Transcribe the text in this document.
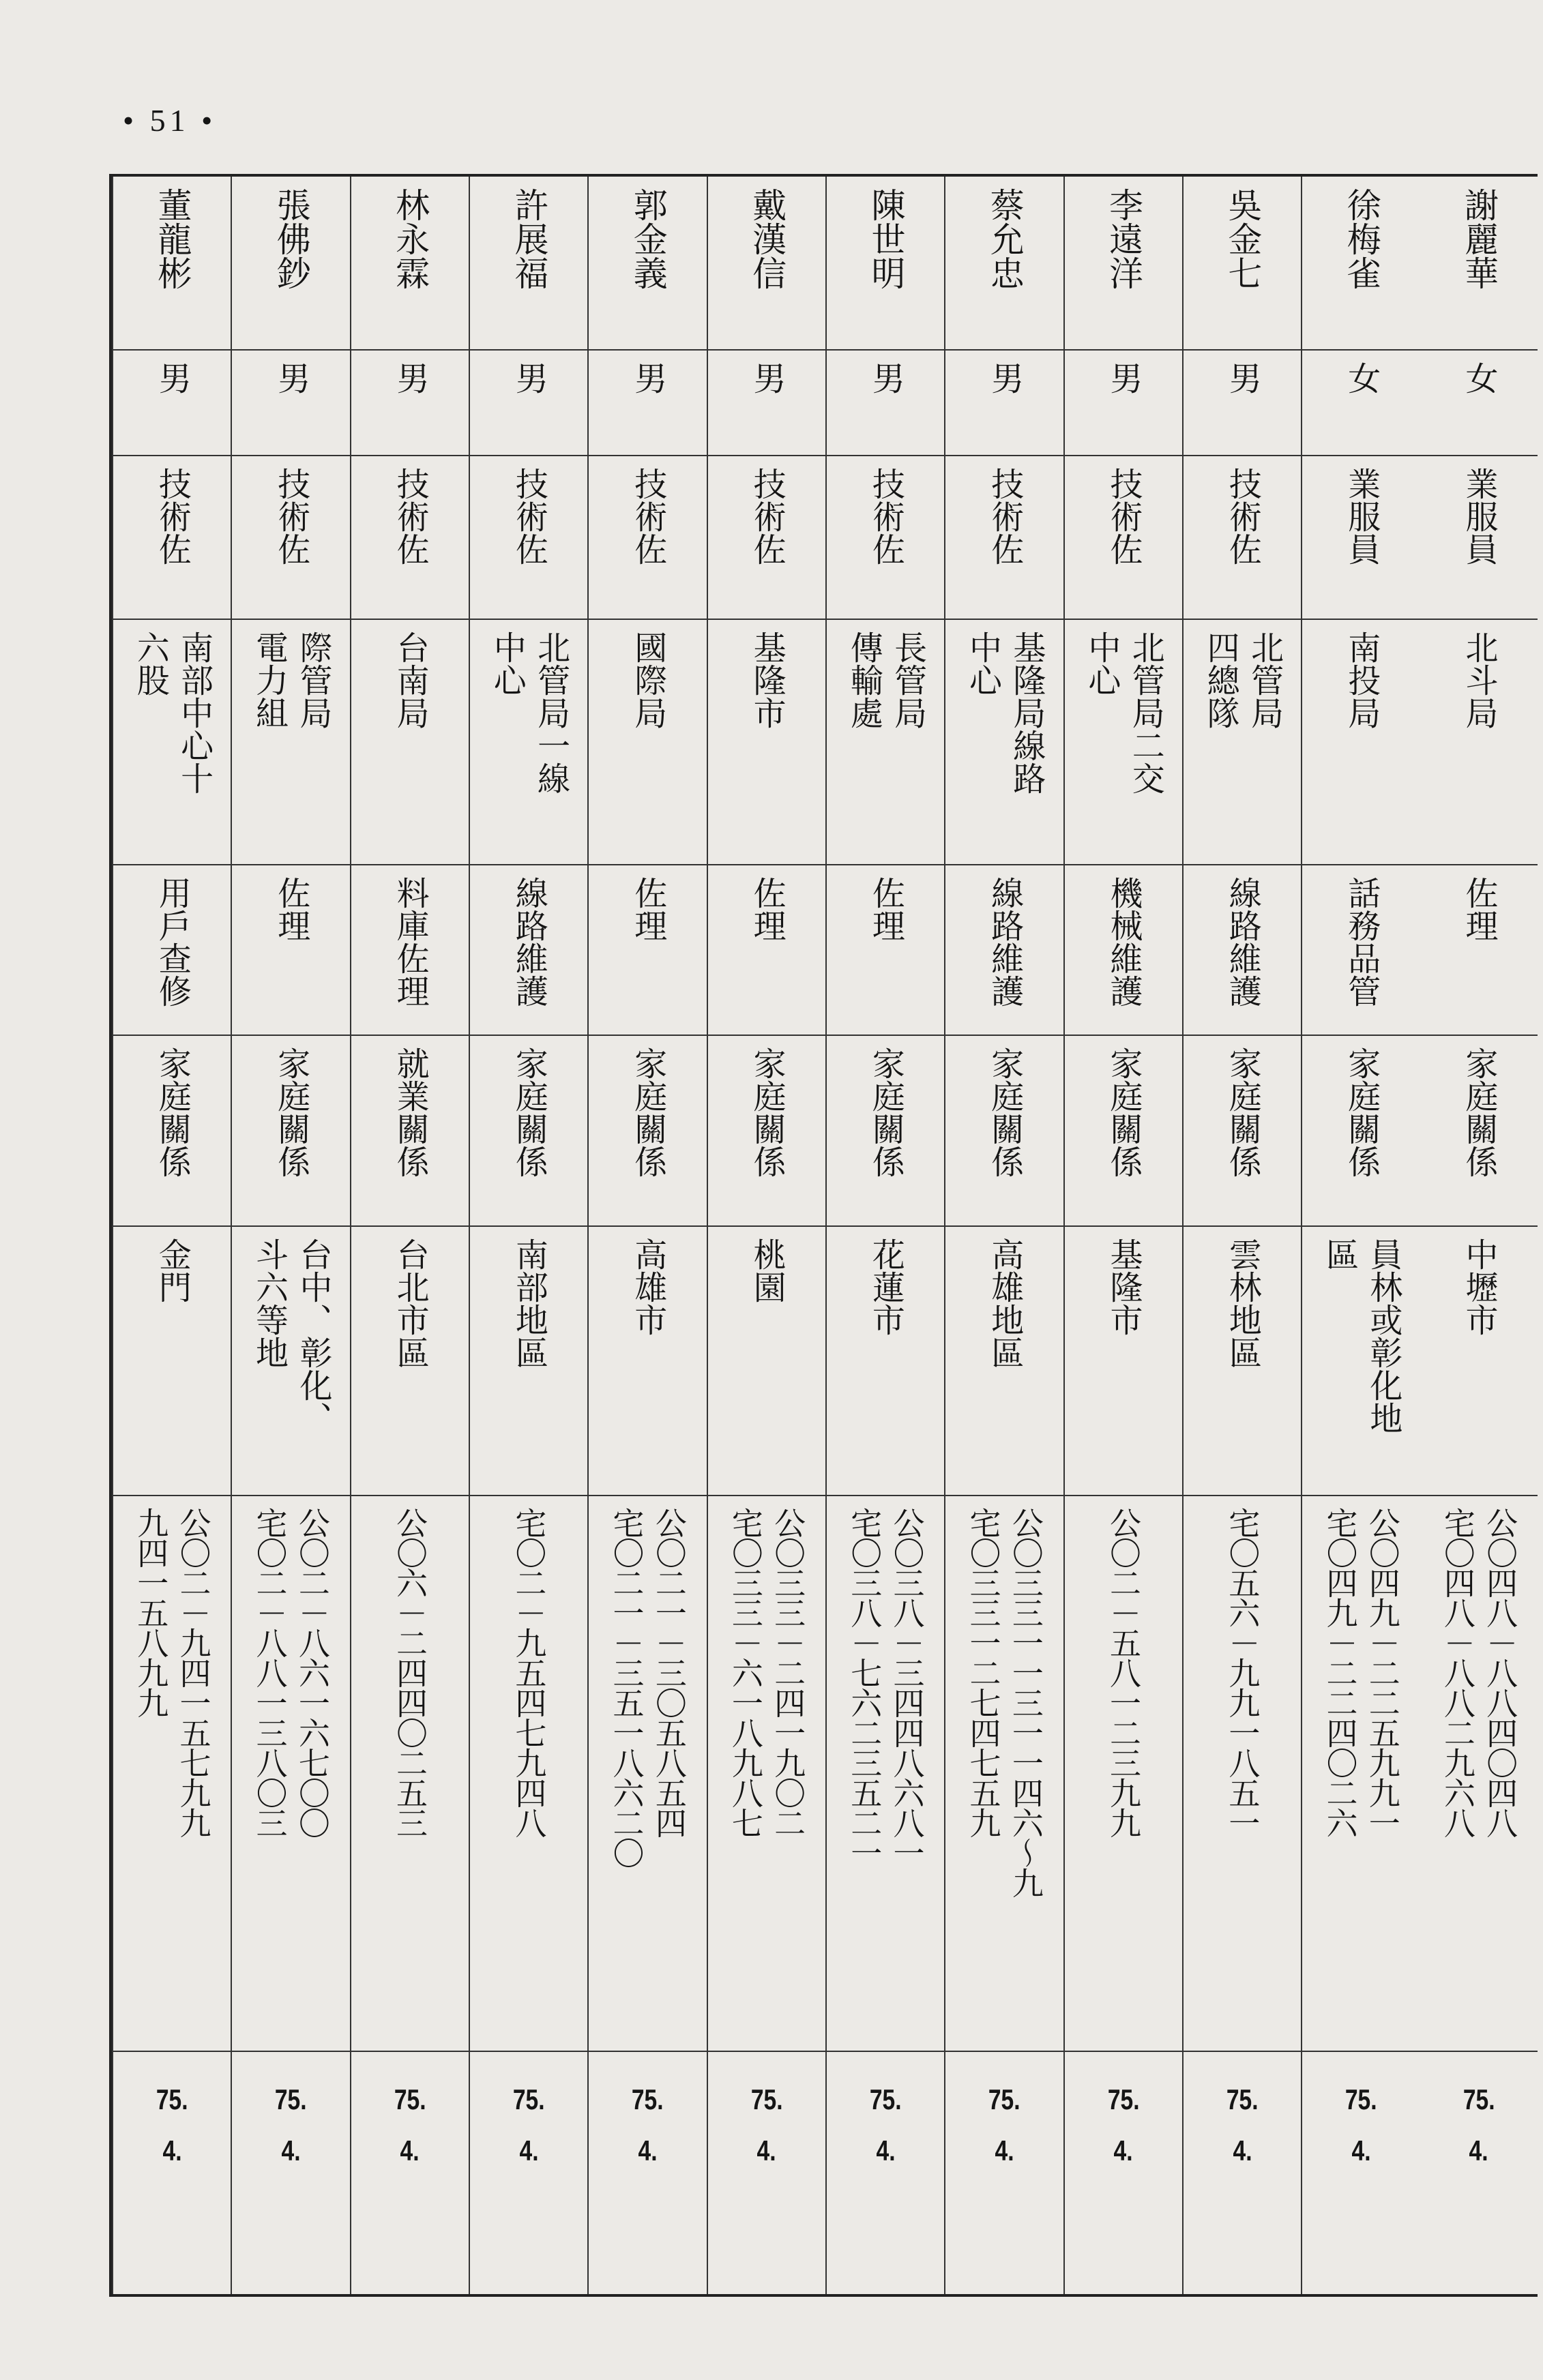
• 51 •
謝麗華
女
業服員
北斗局
佐理
家庭關係
中壢市
公〇四八－八八四〇四八
宅〇四八－八八二九六八
75.
4.
徐梅雀
女
業服員
南投局
話務品管
家庭關係
員林或彰化地
區
公〇四九－二二五九九一
宅〇四九－二二四〇二六
75.
4.
吳金七
男
技術佐
北管局
四總隊
線路維護
家庭關係
雲林地區
宅〇五六－九九一八五一
75.
4.
李遠洋
男
技術佐
北管局二交
中心
機械維護
家庭關係
基隆市
公〇二－五八一二三九九
75.
4.
蔡允忠
男
技術佐
基隆局線路
中心
線路維護
家庭關係
高雄地區
公〇三三一一三一一四六～九
宅〇三三一二七四七五九
75.
4.
陳世明
男
技術佐
長管局
傳輸處
佐理
家庭關係
花蓮市
公〇三八－三四四八六八一
宅〇三八－七六二三五二一
75.
4.
戴漢信
男
技術佐
基隆市
佐理
家庭關係
桃園
公〇三三－二四一九〇二
宅〇三三－六一八九八七
75.
4.
郭金義
男
技術佐
國際局
佐理
家庭關係
高雄市
公〇二一－三〇五八五四
宅〇二一－三五一八六二〇
75.
4.
許展福
男
技術佐
北管局一線
中心
線路維護
家庭關係
南部地區
宅〇二－九五四七九四八
75.
4.
林永霖
男
技術佐
台南局
料庫佐理
就業關係
台北市區
公〇六－二四四〇二五三
75.
4.
張佛鈔
男
技術佐
際管局
電力組
佐理
家庭關係
台中、彰化、
斗六等地
公〇二－八六一六七〇〇
宅〇二－八八一三八〇三
75.
4.
董龍彬
男
技術佐
南部中心十
六股
用戶查修
家庭關係
金門
公〇二－九四一五七九九
九四一五八九九
75.
4.
